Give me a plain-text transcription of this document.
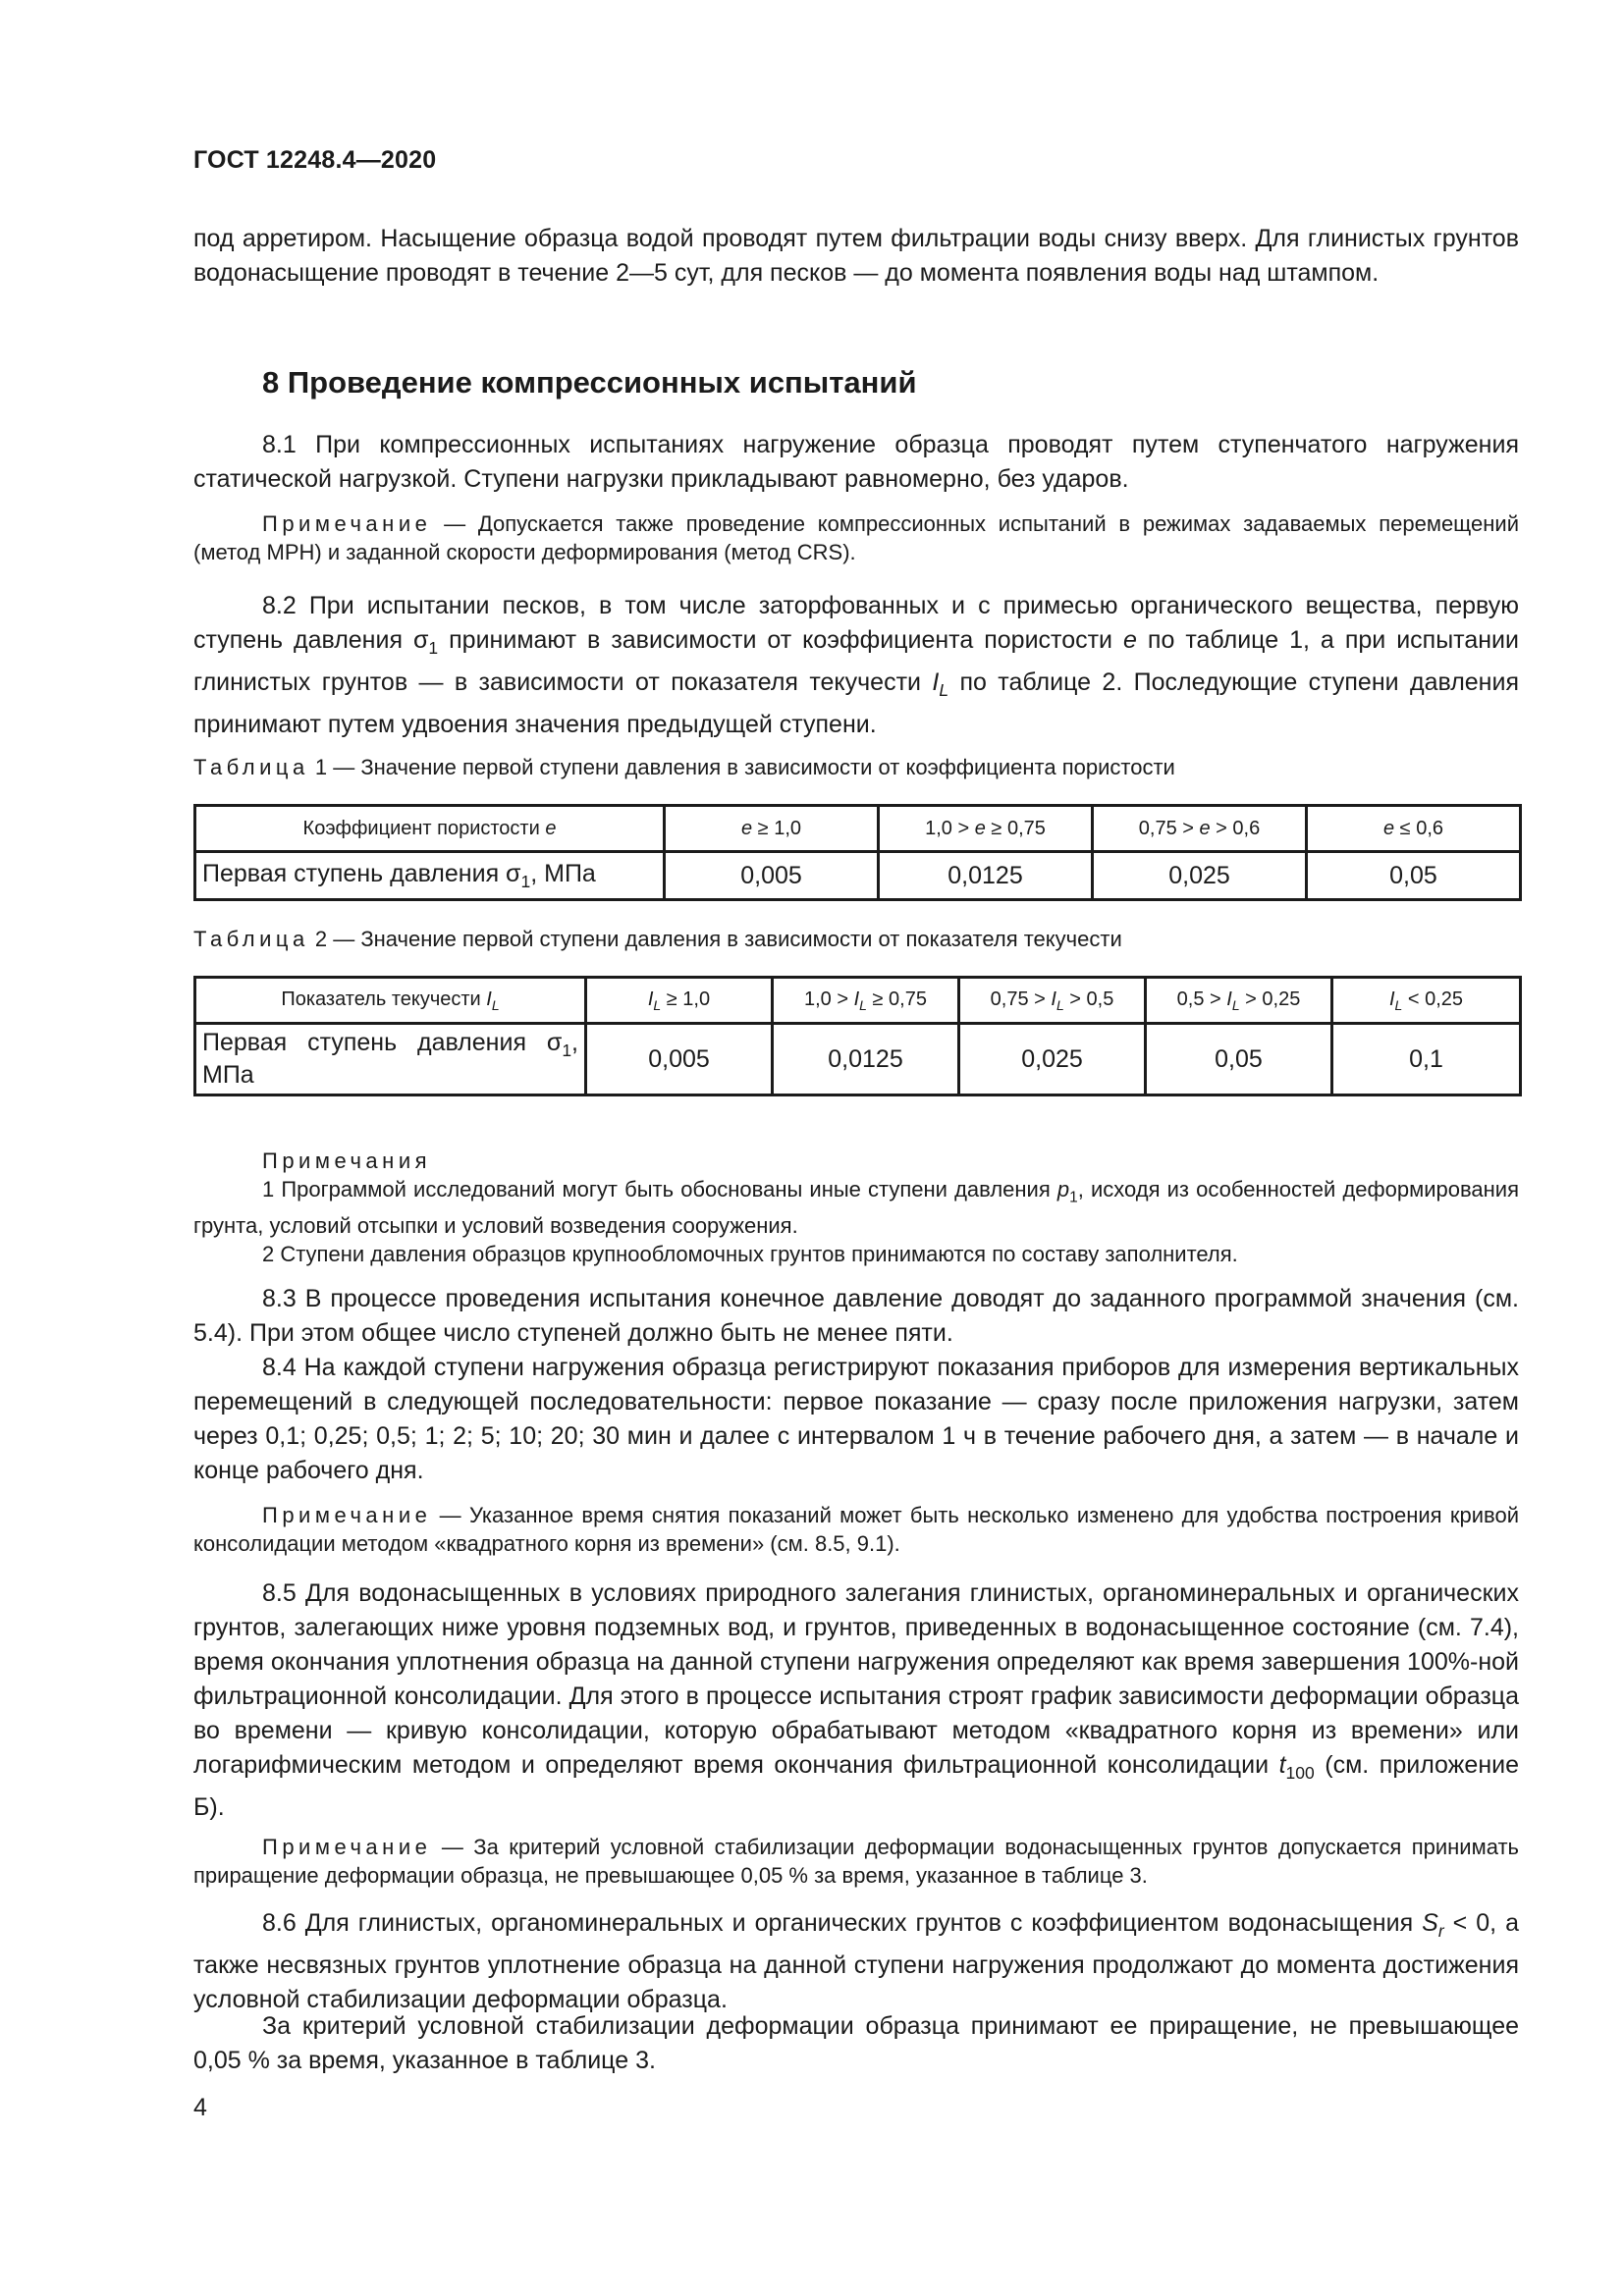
ГОСТ 12248.4—2020
под арретиром. Насыщение образца водой проводят путем фильтрации воды снизу вверх. Для глинистых грунтов водонасыщение проводят в течение 2—5 сут, для песков — до момента появления воды над штампом.
8 Проведение компрессионных испытаний
8.1 При компрессионных испытаниях нагружение образца проводят путем ступенчатого нагружения статической нагрузкой. Ступени нагрузки прикладывают равномерно, без ударов.
Примечание — Допускается также проведение компрессионных испытаний в режимах задаваемых перемещений (метод МРН) и заданной скорости деформирования (метод CRS).
8.2 При испытании песков, в том числе заторфованных и с примесью органического вещества, первую ступень давления $\sigma_1$ принимают в зависимости от коэффициента пористости e по таблице 1, а при испытании глинистых грунтов — в зависимости от показателя текучести $I_L$ по таблице 2. Последующие ступени давления принимают путем удвоения значения предыдущей ступени.
Таблица 1 — Значение первой ступени давления в зависимости от коэффициента пористости
Коэффициент пористости e	e ≥ 1,0	1,0 > e ≥ 0,75	0,75 > e > 0,6	e ≤ 0,6
Первая ступень давления $\sigma_1$, МПа	0,005	0,0125	0,025	0,05
Таблица 2 — Значение первой ступени давления в зависимости от показателя текучести
Показатель текучести $I_L$	$I_L \ge 1,0$	$1,0 > I_L \ge 0,75$	$0,75 > I_L > 0,5$	$0,5 > I_L > 0,25$	$I_L < 0,25$
Первая ступень давления $\sigma_1$, МПа	0,005	0,0125	0,025	0,05	0,1
Примечания
1 Программой исследований могут быть обоснованы иные ступени давления $p_1$, исходя из особенностей деформирования грунта, условий отсыпки и условий возведения сооружения.
2 Ступени давления образцов крупнообломочных грунтов принимаются по составу заполнителя.
8.3 В процессе проведения испытания конечное давление доводят до заданного программой значения (см. 5.4). При этом общее число ступеней должно быть не менее пяти.
8.4 На каждой ступени нагружения образца регистрируют показания приборов для измерения вертикальных перемещений в следующей последовательности: первое показание — сразу после приложения нагрузки, затем через 0,1; 0,25; 0,5; 1; 2; 5; 10; 20; 30 мин и далее с интервалом 1 ч в течение рабочего дня, а затем — в начале и конце рабочего дня.
Примечание — Указанное время снятия показаний может быть несколько изменено для удобства построения кривой консолидации методом «квадратного корня из времени» (см. 8.5, 9.1).
8.5 Для водонасыщенных в условиях природного залегания глинистых, органоминеральных и органических грунтов, залегающих ниже уровня подземных вод, и грунтов, приведенных в водонасыщенное состояние (см. 7.4), время окончания уплотнения образца на данной ступени нагружения определяют как время завершения 100%-ной фильтрационной консолидации. Для этого в процессе испытания строят график зависимости деформации образца во времени — кривую консолидации, которую обрабатывают методом «квадратного корня из времени» или логарифмическим методом и определяют время окончания фильтрационной консолидации $t_{100}$ (см. приложение Б).
Примечание — За критерий условной стабилизации деформации водонасыщенных грунтов допускается принимать приращение деформации образца, не превышающее 0,05 % за время, указанное в таблице 3.
8.6 Для глинистых, органоминеральных и органических грунтов с коэффициентом водонасыщения $S_r < 0$, а также несвязных грунтов уплотнение образца на данной ступени нагружения продолжают до момента достижения условной стабилизации деформации образца.
За критерий условной стабилизации деформации образца принимают ее приращение, не превышающее 0,05 % за время, указанное в таблице 3.
4
